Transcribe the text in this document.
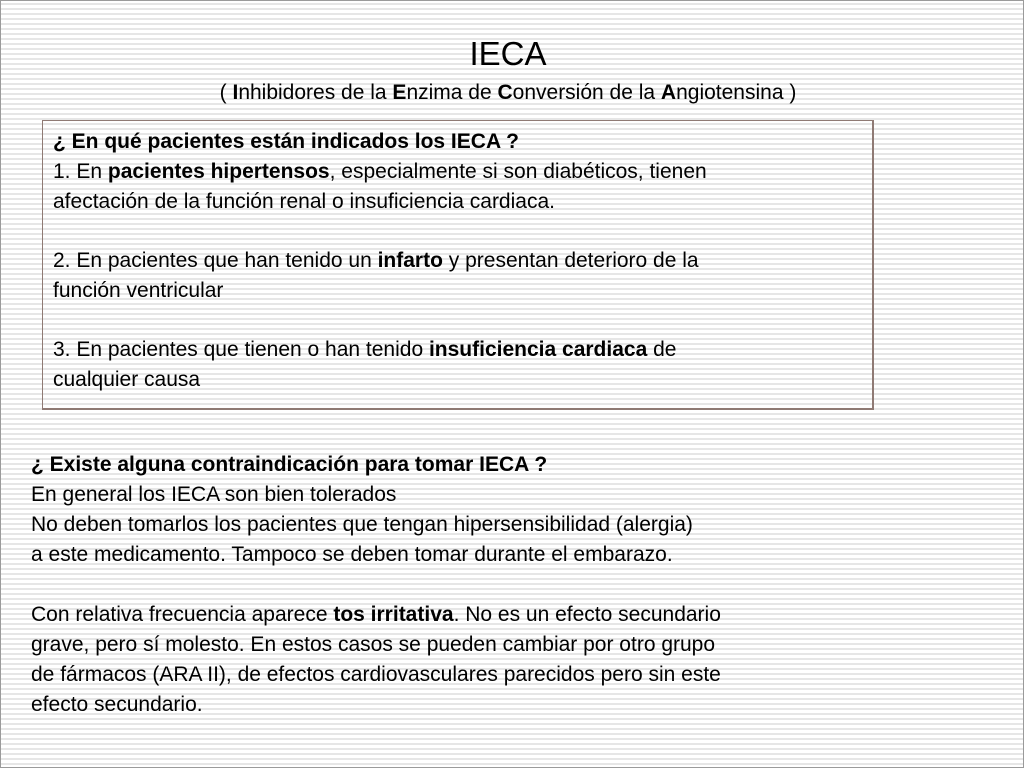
IECA
( Inhibidores de la Enzima de Conversión de la Angiotensina )

¿ En qué pacientes están indicados los IECA ?

1. En pacientes hipertensos, especialmente si son diabéticos, tienen

afectación de la función renal o insuficiencia cardiaca.

2. En pacientes que han tenido un infarto y presentan deterioro de la

función ventricular

3. En pacientes que tienen o han tenido insuficiencia cardiaca de

cualquier causa

¿ Existe alguna contraindicación para tomar IECA ?

En general los IECA son bien tolerados

No deben tomarlos los pacientes que tengan hipersensibilidad (alergia)

a este medicamento. Tampoco se deben tomar durante el embarazo.

Con relativa frecuencia aparece tos irritativa. No es un efecto secundario

grave, pero sí molesto. En estos casos se pueden cambiar por otro grupo

de fármacos (ARA II), de efectos cardiovasculares parecidos pero sin este

efecto secundario.
